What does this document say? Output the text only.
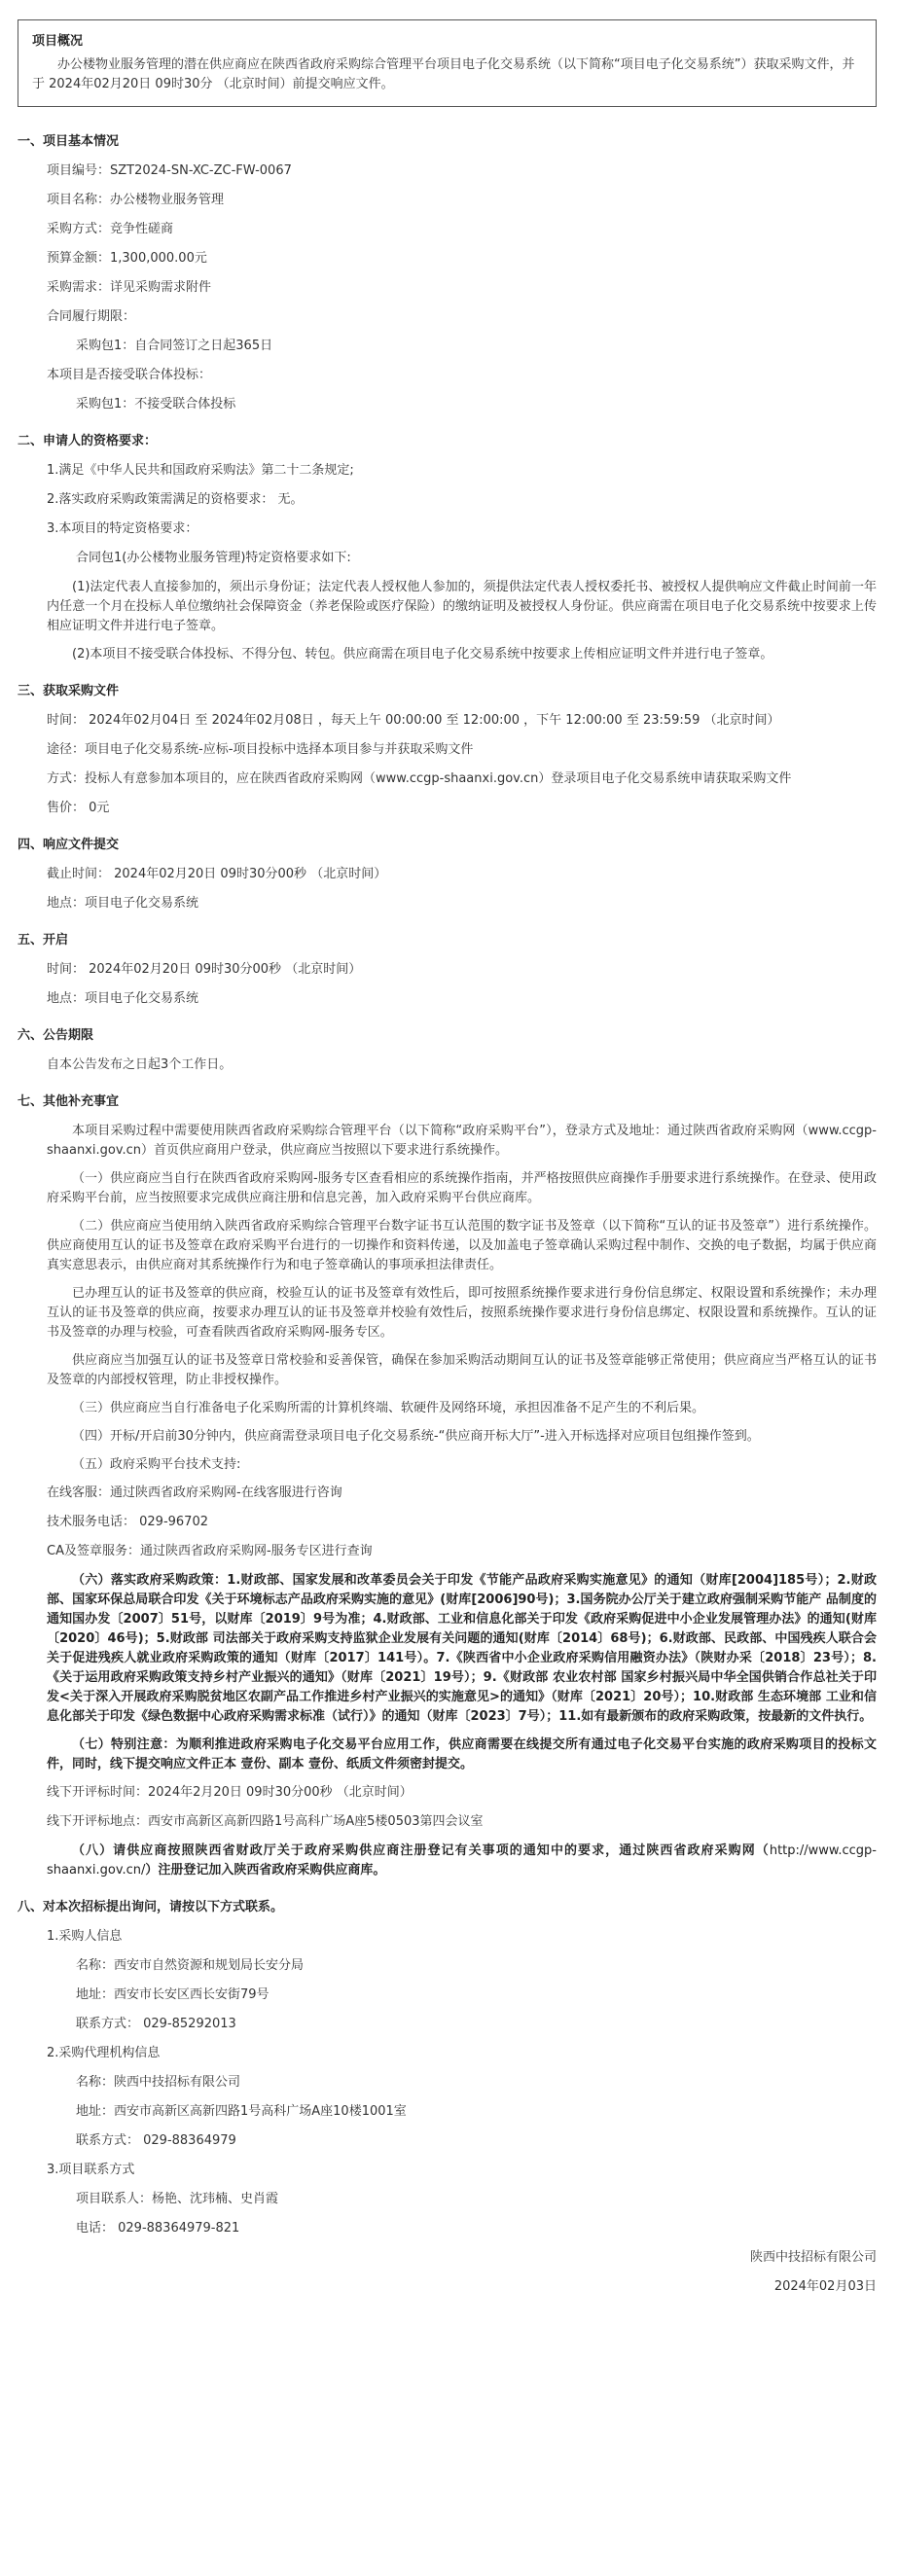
项目概况

办公楼物业服务管理的潜在供应商应在陕西省政府采购综合管理平台项目电子化交易系统（以下简称“项目电子化交易系统”）获取采购文件，并于 2024年02月20日 09时30分 （北京时间）前提交响应文件。

一、项目基本情况
项目编号：SZT2024-SN-XC-ZC-FW-0067
项目名称：办公楼物业服务管理
采购方式：竞争性磋商
预算金额：1,300,000.00元
采购需求：详见采购需求附件
合同履行期限：
采购包1：自合同签订之日起365日
本项目是否接受联合体投标：
采购包1：不接受联合体投标
二、申请人的资格要求：
1.满足《中华人民共和国政府采购法》第二十二条规定;
2.落实政府采购政策需满足的资格要求： 无。
3.本项目的特定资格要求：
合同包1(办公楼物业服务管理)特定资格要求如下:

(1)法定代表人直接参加的，须出示身份证；法定代表人授权他人参加的，须提供法定代表人授权委托书、被授权人提供响应文件截止时间前一年内任意一个月在投标人单位缴纳社会保障资金（养老保险或医疗保险）的缴纳证明及被授权人身份证。供应商需在项目电子化交易系统中按要求上传相应证明文件并进行电子签章。

(2)本项目不接受联合体投标、不得分包、转包。供应商需在项目电子化交易系统中按要求上传相应证明文件并进行电子签章。

三、获取采购文件
时间： 2024年02月04日 至 2024年02月08日 ，每天上午 00:00:00 至 12:00:00 ，下午 12:00:00 至 23:59:59 （北京时间）
途径：项目电子化交易系统-应标-项目投标中选择本项目参与并获取采购文件
方式：投标人有意参加本项目的，应在陕西省政府采购网（www.ccgp-shaanxi.gov.cn）登录项目电子化交易系统申请获取采购文件
售价： 0元
四、响应文件提交
截止时间： 2024年02月20日 09时30分00秒 （北京时间）
地点：项目电子化交易系统
五、开启
时间： 2024年02月20日 09时30分00秒 （北京时间）
地点：项目电子化交易系统
六、公告期限
自本公告发布之日起3个工作日。
七、其他补充事宜

本项目采购过程中需要使用陕西省政府采购综合管理平台（以下简称“政府采购平台”），登录方式及地址：通过陕西省政府采购网（www.ccgp-shaanxi.gov.cn）首页供应商用户登录，供应商应当按照以下要求进行系统操作。

（一）供应商应当自行在陕西省政府采购网-服务专区查看相应的系统操作指南，并严格按照供应商操作手册要求进行系统操作。在登录、使用政府采购平台前，应当按照要求完成供应商注册和信息完善，加入政府采购平台供应商库。

（二）供应商应当使用纳入陕西省政府采购综合管理平台数字证书互认范围的数字证书及签章（以下简称“互认的证书及签章”）进行系统操作。供应商使用互认的证书及签章在政府采购平台进行的一切操作和资料传递，以及加盖电子签章确认采购过程中制作、交换的电子数据，均属于供应商真实意思表示，由供应商对其系统操作行为和电子签章确认的事项承担法律责任。

已办理互认的证书及签章的供应商，校验互认的证书及签章有效性后，即可按照系统操作要求进行身份信息绑定、权限设置和系统操作；未办理互认的证书及签章的供应商，按要求办理互认的证书及签章并校验有效性后，按照系统操作要求进行身份信息绑定、权限设置和系统操作。互认的证书及签章的办理与校验，可查看陕西省政府采购网-服务专区。

供应商应当加强互认的证书及签章日常校验和妥善保管，确保在参加采购活动期间互认的证书及签章能够正常使用；供应商应当严格互认的证书及签章的内部授权管理，防止非授权操作。

（三）供应商应当自行准备电子化采购所需的计算机终端、软硬件及网络环境，承担因准备不足产生的不利后果。

（四）开标/开启前30分钟内，供应商需登录项目电子化交易系统-“供应商开标大厅”-进入开标选择对应项目包组操作签到。

（五）政府采购平台技术支持:

在线客服：通过陕西省政府采购网-在线客服进行咨询
技术服务电话： 029-96702
CA及签章服务：通过陕西省政府采购网-服务专区进行查询

（六）落实政府采购政策：1.财政部、国家发展和改革委员会关于印发《节能产品政府采购实施意见》的通知（财库[2004]185号）；2.财政部、国家环保总局联合印发《关于环境标志产品政府采购实施的意见》(财库[2006]90号)；3.国务院办公厅关于建立政府强制采购节能产 品制度的通知国办发〔2007〕51号，以财库〔2019〕9号为准；4.财政部、工业和信息化部关于印发《政府采购促进中小企业发展管理办法》的通知(财库〔2020〕46号)；5.财政部 司法部关于政府采购支持监狱企业发展有关问题的通知(财库〔2014〕68号)；6.财政部、民政部、中国残疾人联合会关于促进残疾人就业政府采购政策的通知（财库〔2017〕141号）。7.《陕西省中小企业政府采购信用融资办法》（陕财办采〔2018〕23号）；8.《关于运用政府采购政策支持乡村产业振兴的通知》（财库〔2021〕19号）；9.《财政部 农业农村部 国家乡村振兴局中华全国供销合作总社关于印发<关于深入开展政府采购脱贫地区农副产品工作推进乡村产业振兴的实施意见>的通知》（财库〔2021〕20号）；10.财政部 生态环境部 工业和信息化部关于印发《绿色数据中心政府采购需求标准（试行）》的通知（财库〔2023〕7号）；11.如有最新颁布的政府采购政策，按最新的文件执行。

（七）特别注意：为顺利推进政府采购电子化交易平台应用工作，供应商需要在线提交所有通过电子化交易平台实施的政府采购项目的投标文件，同时，线下提交响应文件正本 壹份、副本 壹份、纸质文件须密封提交。

线下开评标时间：2024年2月20日 09时30分00秒 （北京时间）
线下开评标地点：西安市高新区高新四路1号高科广场A座5楼0503第四会议室

（八）请供应商按照陕西省财政厅关于政府采购供应商注册登记有关事项的通知中的要求，通过陕西省政府采购网（http://www.ccgp-shaanxi.gov.cn/）注册登记加入陕西省政府采购供应商库。

八、对本次招标提出询问，请按以下方式联系。
1.采购人信息
名称：西安市自然资源和规划局长安分局
地址：西安市长安区西长安街79号
联系方式： 029-85292013
2.采购代理机构信息
名称：陕西中技招标有限公司
地址：西安市高新区高新四路1号高科广场A座10楼1001室
联系方式： 029-88364979
3.项目联系方式
项目联系人：杨艳、沈玮楠、史肖霞
电话： 029-88364979-821
陕西中技招标有限公司
2024年02月03日
